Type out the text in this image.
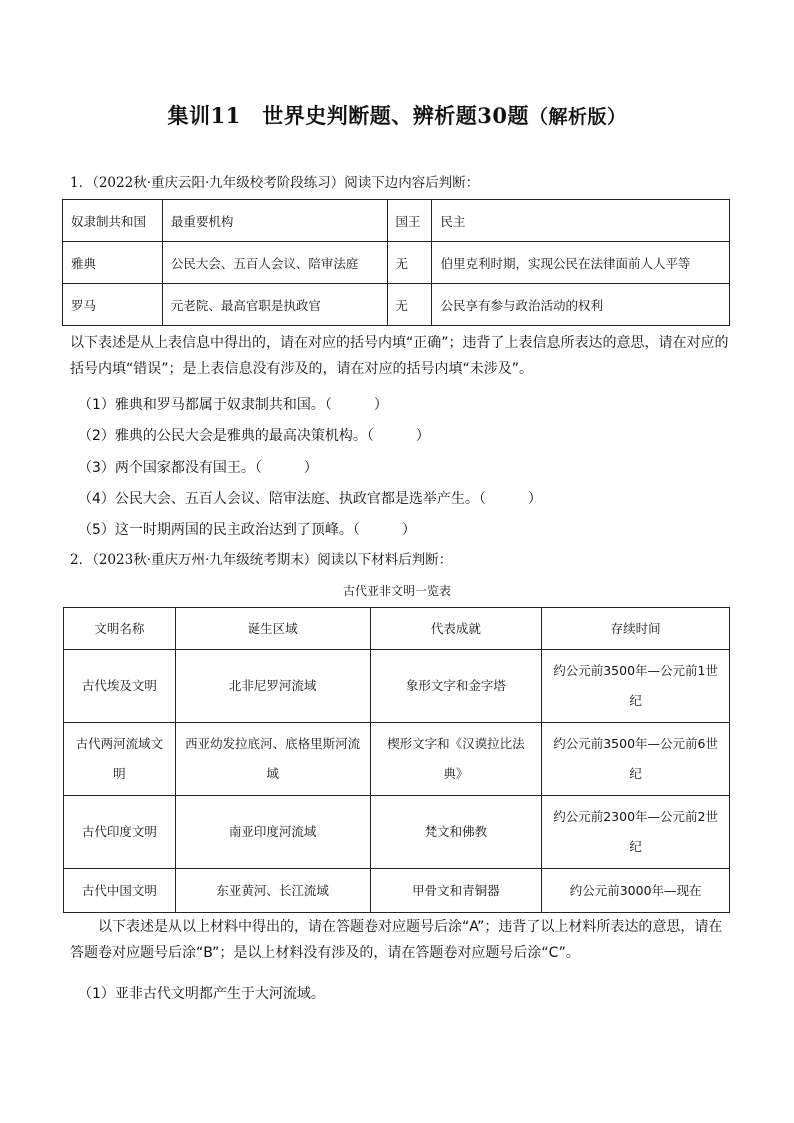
集训11　世界史判断题、辨析题30题（解析版）
1．（2022秋·重庆云阳·九年级校考阶段练习）阅读下边内容后判断：
奴隶制共和国	最重要机构	国王	民主
雅典	公民大会、五百人会议、陪审法庭	无	伯里克利时期，实现公民在法律面前人人平等
罗马	元老院、最高官职是执政官	无	公民享有参与政治活动的权利
以下表述是从上表信息中得出的，请在对应的括号内填“正确”；违背了上表信息所表达的意思，请在对应的括号内填“错误”；是上表信息没有涉及的，请在对应的括号内填“未涉及”。
（1）雅典和罗马都属于奴隶制共和国。（　　　）
（2）雅典的公民大会是雅典的最高决策机构。（　　　）
（3）两个国家都没有国王。（　　　）
（4）公民大会、五百人会议、陪审法庭、执政官都是选举产生。（　　　）
（5）这一时期两国的民主政治达到了顶峰。（　　　）
2．（2023秋·重庆万州·九年级统考期末）阅读以下材料后判断：
古代亚非文明一览表
文明名称	诞生区域	代表成就	存续时间
古代埃及文明	北非尼罗河流域	象形文字和金字塔	约公元前3500年—公元前1世纪
古代两河流域文明	西亚幼发拉底河、底格里斯河流域	楔形文字和《汉谟拉比法典》	约公元前3500年—公元前6世纪
古代印度文明	南亚印度河流域	梵文和佛教	约公元前2300年—公元前2世纪
古代中国文明	东亚黄河、长江流域	甲骨文和青铜器	约公元前3000年—现在
以下表述是从以上材料中得出的，请在答题卷对应题号后涂“A”；违背了以上材料所表达的意思，请在答题卷对应题号后涂“B”；是以上材料没有涉及的，请在答题卷对应题号后涂“C”。
（1）亚非古代文明都产生于大河流域。
